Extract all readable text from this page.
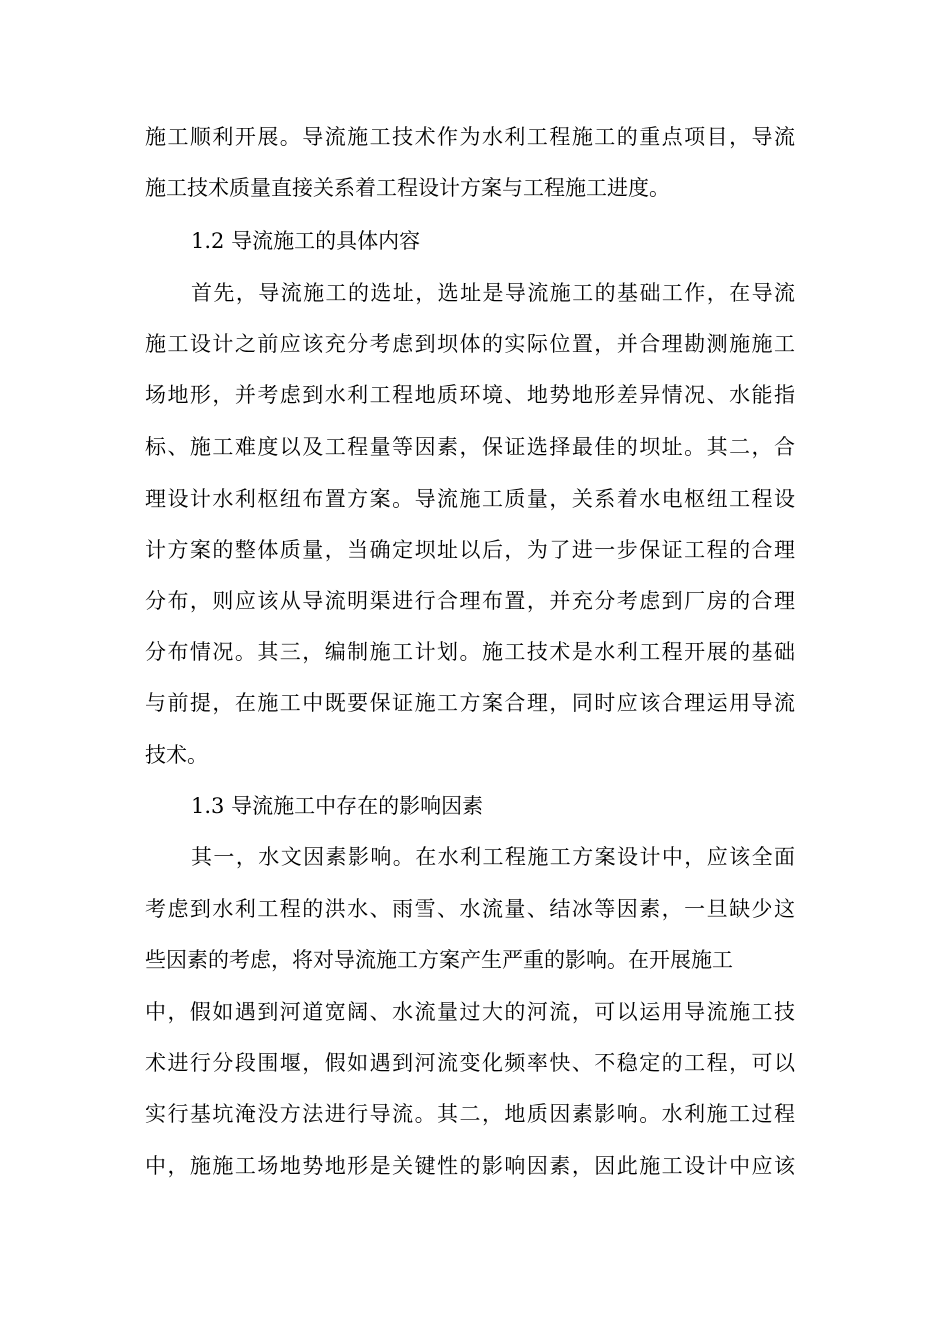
施工顺利开展。导流施工技术作为水利工程施工的重点项目，导流
施工技术质量直接关系着工程设计方案与工程施工进度。
1.2 导流施工的具体内容
首先，导流施工的选址，选址是导流施工的基础工作，在导流
施工设计之前应该充分考虑到坝体的实际位置，并合理勘测施施工
场地形，并考虑到水利工程地质环境、地势地形差异情况、水能指
标、施工难度以及工程量等因素，保证选择最佳的坝址。其二，合
理设计水利枢纽布置方案。导流施工质量，关系着水电枢纽工程设
计方案的整体质量，当确定坝址以后，为了进一步保证工程的合理
分布，则应该从导流明渠进行合理布置，并充分考虑到厂房的合理
分布情况。其三，编制施工计划。施工技术是水利工程开展的基础
与前提，在施工中既要保证施工方案合理，同时应该合理运用导流
技术。
1.3 导流施工中存在的影响因素
其一，水文因素影响。在水利工程施工方案设计中，应该全面
考虑到水利工程的洪水、雨雪、水流量、结冰等因素，一旦缺少这
些因素的考虑，将对导流施工方案产生严重的影响。在开展施工
中，假如遇到河道宽阔、水流量过大的河流，可以运用导流施工技
术进行分段围堰，假如遇到河流变化频率快、不稳定的工程，可以
实行基坑淹没方法进行导流。其二，地质因素影响。水利施工过程
中，施施工场地势地形是关键性的影响因素，因此施工设计中应该
